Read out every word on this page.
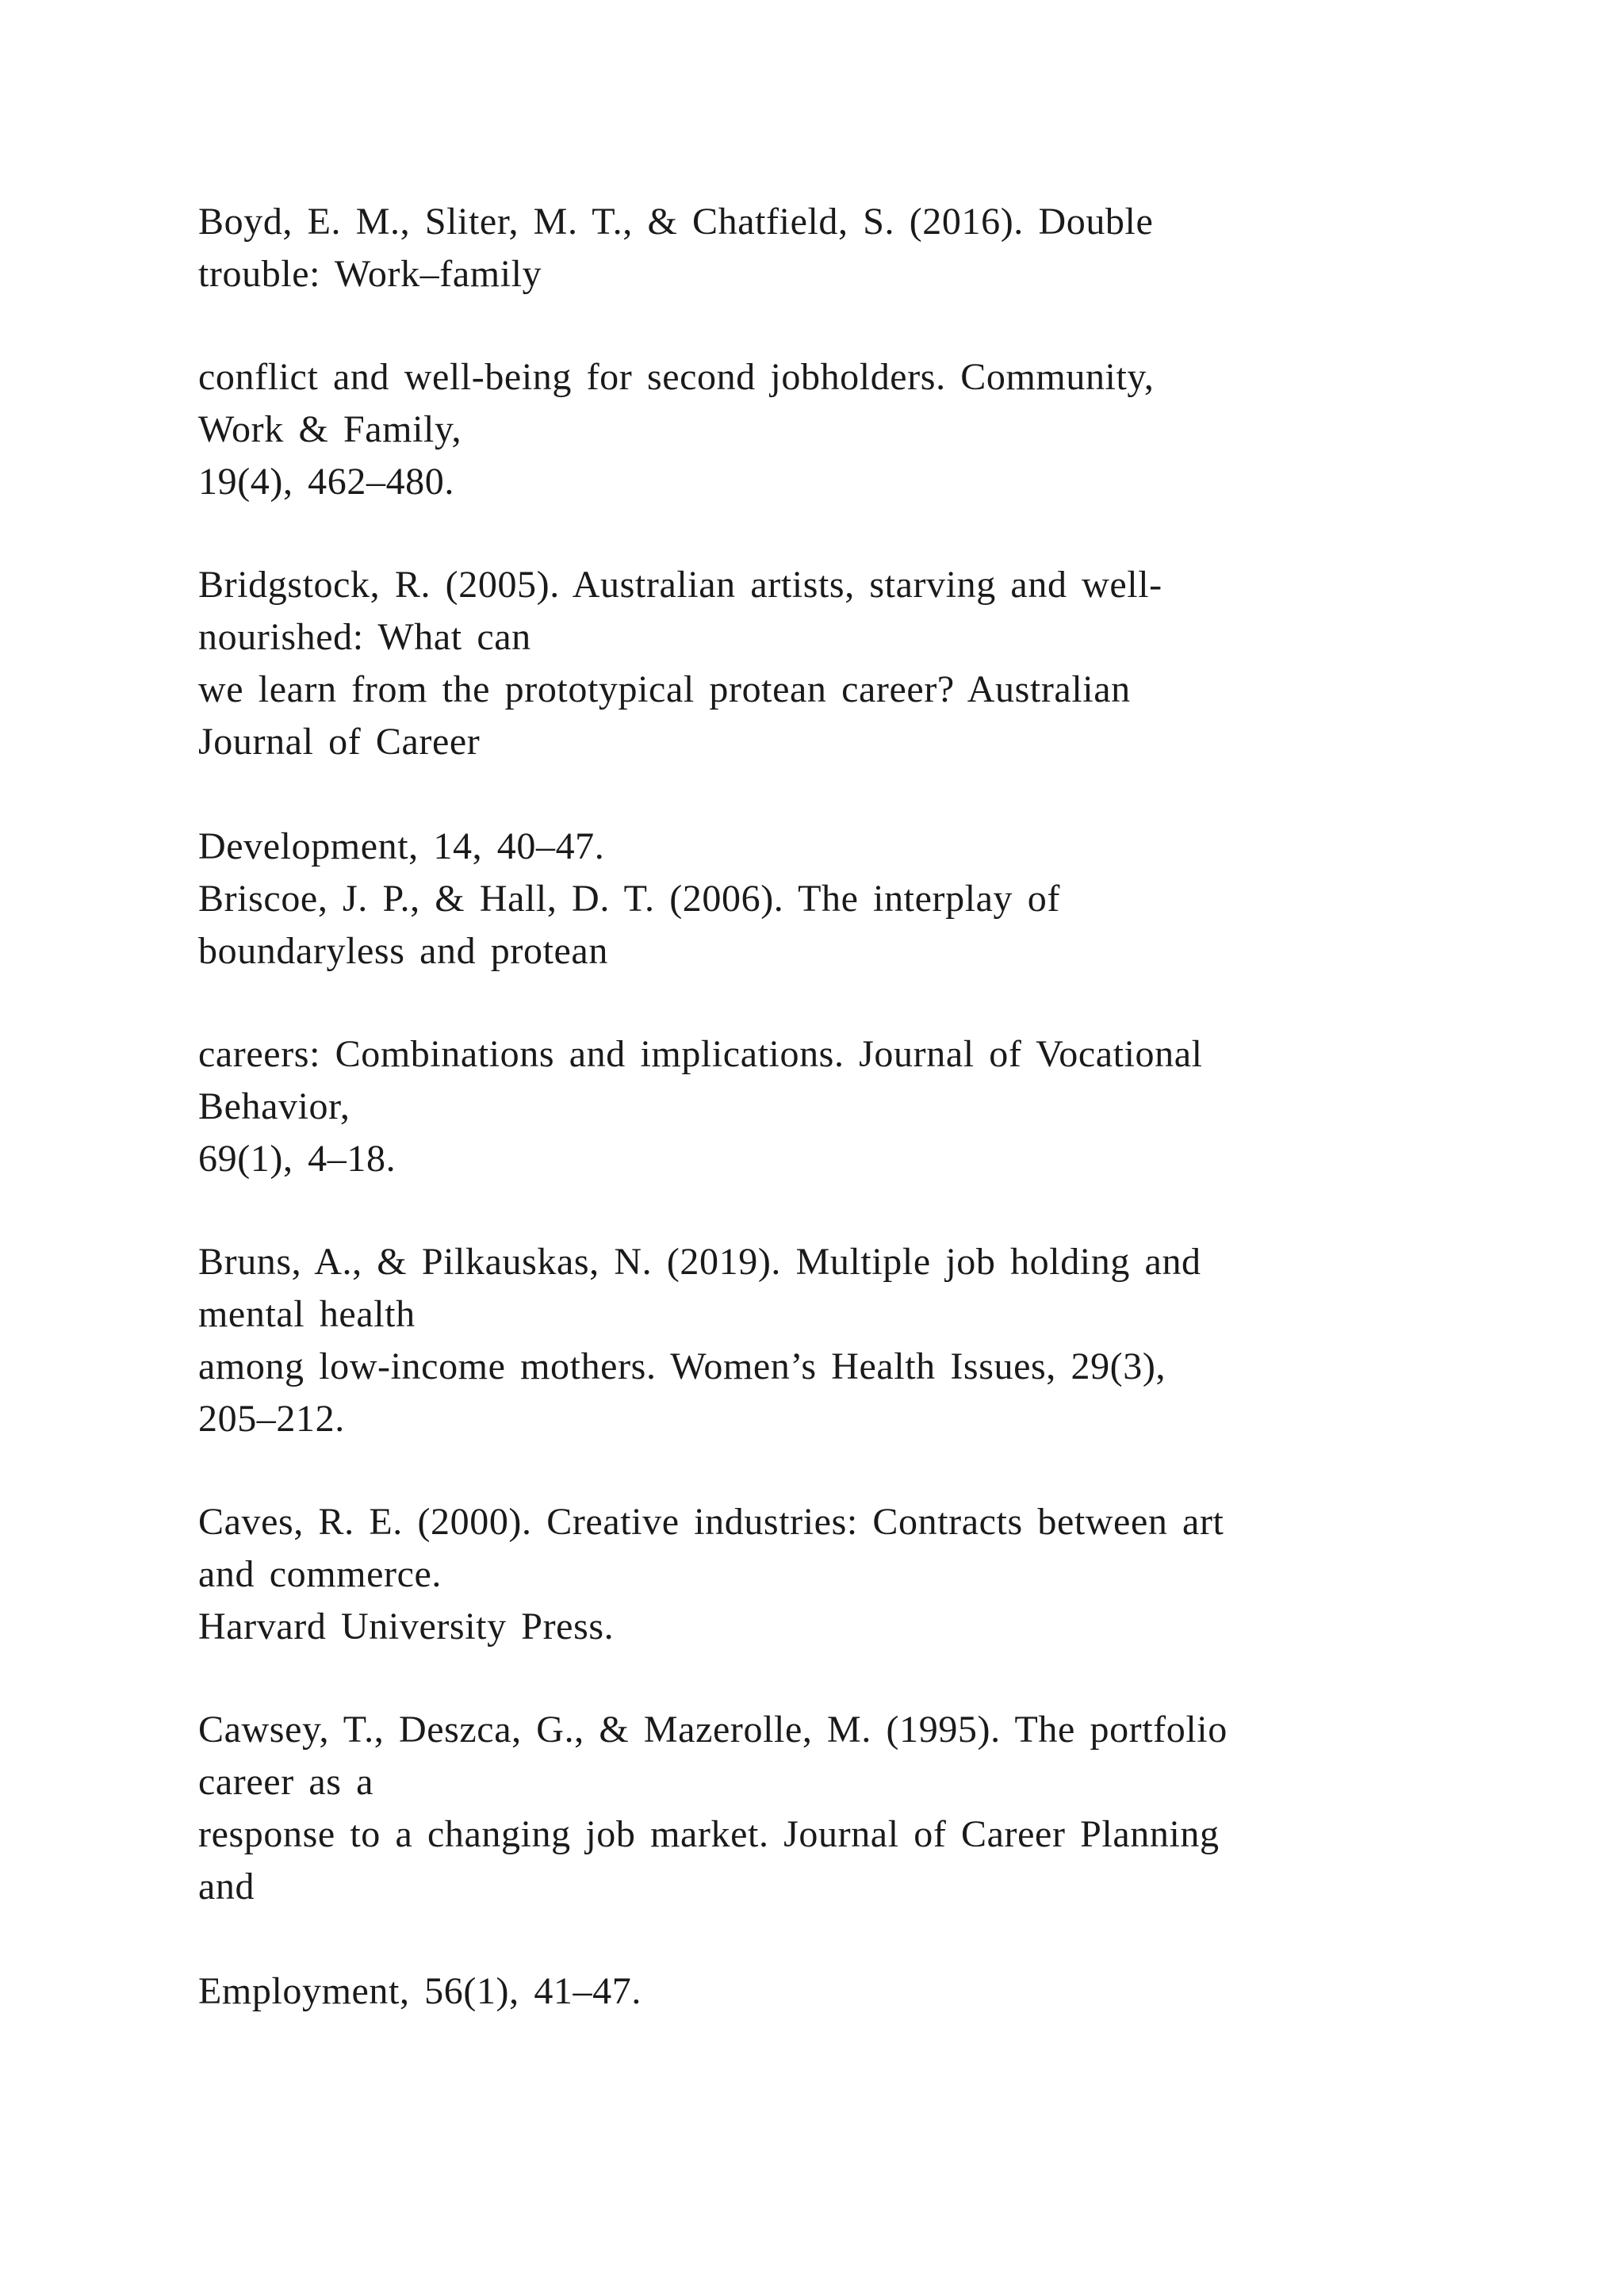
Boyd, E. M., Sliter, M. T., & Chatfield, S. (2016). Double

trouble: Work–family

conflict and well-being for second jobholders. Community,

Work & Family,

19(4), 462–480.

Bridgstock, R. (2005). Australian artists, starving and well-

nourished: What can

we learn from the prototypical protean career? Australian

Journal of Career

Development, 14, 40–47.

Briscoe, J. P., & Hall, D. T. (2006). The interplay of

boundaryless and protean

careers: Combinations and implications. Journal of Vocational

Behavior,

69(1), 4–18.

Bruns, A., & Pilkauskas, N. (2019). Multiple job holding and

mental health

among low-income mothers. Women’s Health Issues, 29(3),

205–212.

Caves, R. E. (2000). Creative industries: Contracts between art

and commerce.

Harvard University Press.

Cawsey, T., Deszca, G., & Mazerolle, M. (1995). The portfolio

career as a

response to a changing job market. Journal of Career Planning

and

Employment, 56(1), 41–47.
